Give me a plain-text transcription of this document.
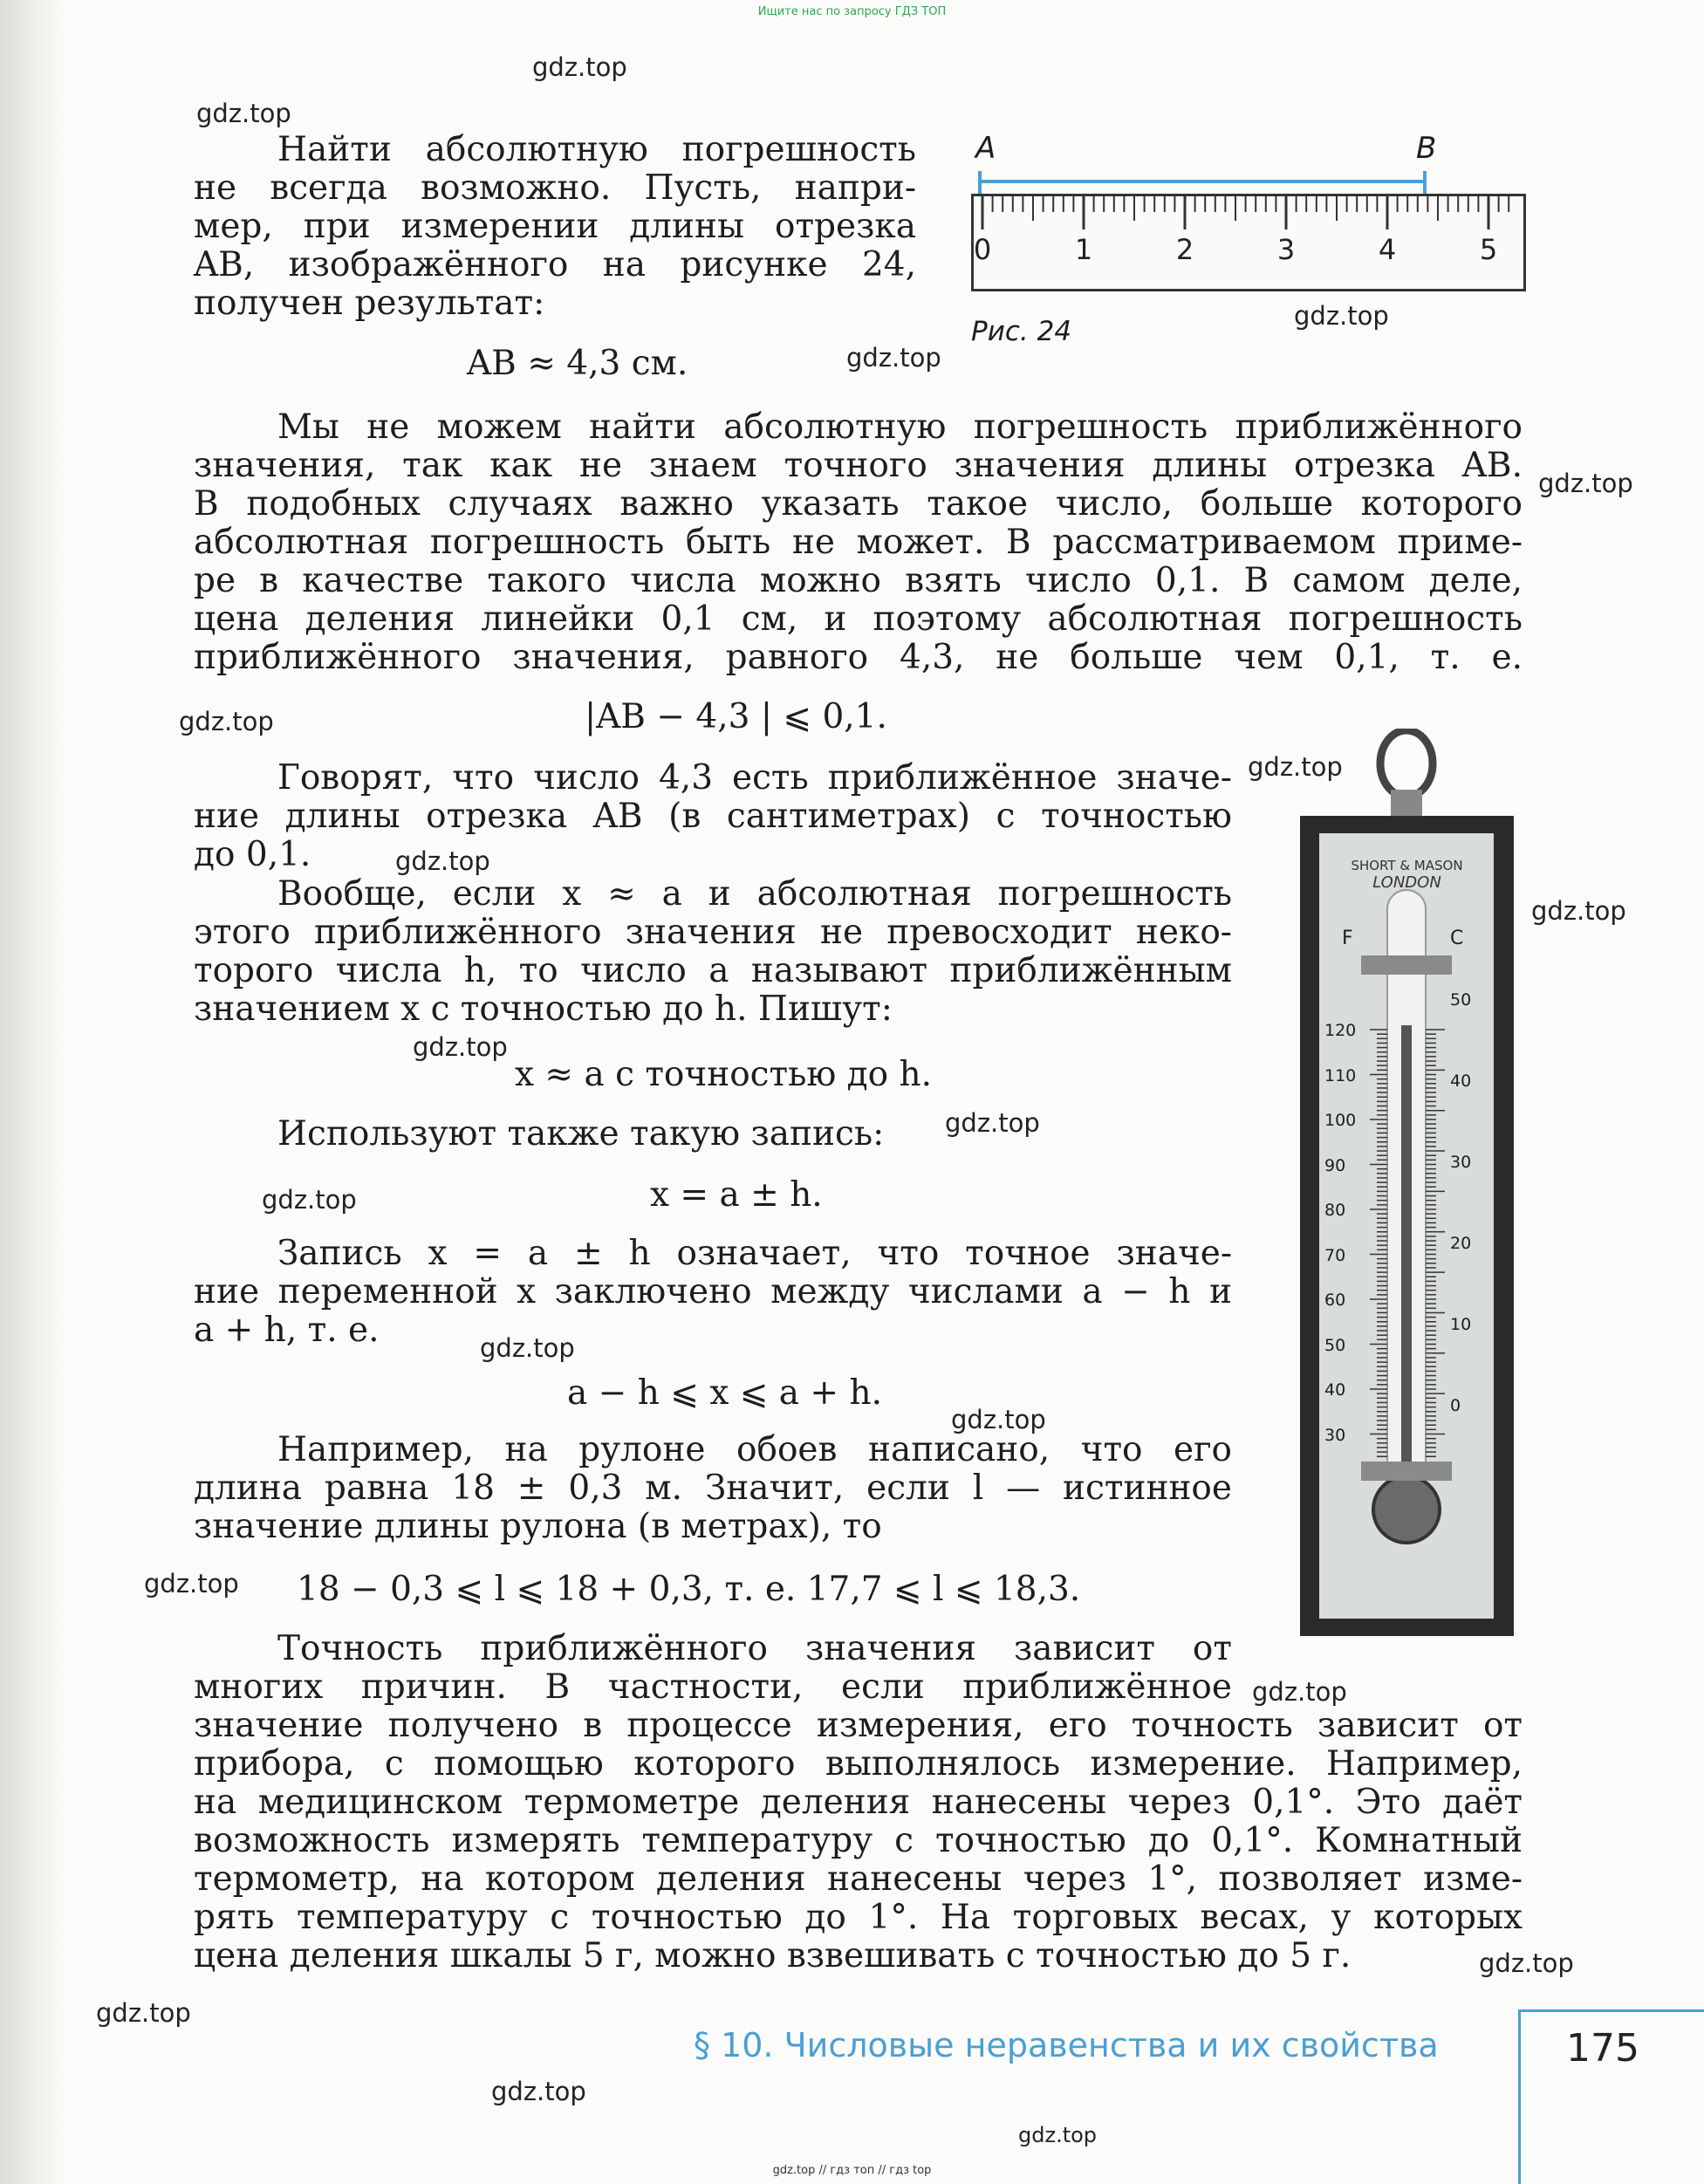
Ищите нас по запросу ГДЗ ТОП
gdz.top
gdz.top
gdz.top
gdz.top
gdz.top
gdz.top
gdz.top
gdz.top
gdz.top
gdz.top
gdz.top
gdz.top
gdz.top
gdz.top
gdz.top
gdz.top
gdz.top
gdz.top
gdz.top
gdz.top
Найти абсолютную погрешность
не всегда возможно. Пусть, напри-
мер, при измерении длины отрезка
AB, изображённого на рисунке 24,
получен результат:
AB ≈ 4,3 см.
A	B
0	1	2	3	4	5
Рис. 24
Мы не можем найти абсолютную погрешность приближённого
значения, так как не знаем точного значения длины отрезка AB.
В подобных случаях важно указать такое число, больше которого
абсолютная погрешность быть не может. В рассматриваемом приме-
ре в качестве такого числа можно взять число 0,1. В самом деле,
цена деления линейки 0,1 см, и поэтому абсолютная погрешность
приближённого значения, равного 4,3, не больше чем 0,1, т. е.
|AB − 4,3 | ⩽ 0,1.
Говорят, что число 4,3 есть приближённое значе-
ние длины отрезка AB (в сантиметрах) с точностью
до 0,1.
Вообще, если x ≈ a и абсолютная погрешность
этого приближённого значения не превосходит неко-
торого числа h, то число a называют приближённым
значением x с точностью до h. Пишут:
x ≈ a с точностью до h.
Используют также такую запись:
x = a ± h.
Запись x = a ± h означает, что точное значе-
ние переменной x заключено между числами a − h и
a + h, т. е.
a − h ⩽ x ⩽ a + h.
Например, на рулоне обоев написано, что его
длина равна 18 ± 0,3 м. Значит, если l — истинное
значение длины рулона (в метрах), то
18 − 0,3 ⩽ l ⩽ 18 + 0,3, т. е. 17,7 ⩽ l ⩽ 18,3.
Точность приближённого значения зависит от
многих причин. В частности, если приближённое
значение получено в процессе измерения, его точность зависит от
прибора, с помощью которого выполнялось измерение. Например,
на медицинском термометре деления нанесены через 0,1°. Это даёт
возможность измерять температуру с точностью до 0,1°. Комнатный
термометр, на котором деления нанесены через 1°, позволяет изме-
рять температуру с точностью до 1°. На торговых весах, у которых
цена деления шкалы 5 г, можно взвешивать с точностью до 5 г.
SHORT & MASON
LONDON
F	C
120
110
100
90
80
70
60
50
40
30
50
40
30
20
10
0
§ 10. Числовые неравенства и их свойства	175
gdz.top // гдз топ // гдз top
